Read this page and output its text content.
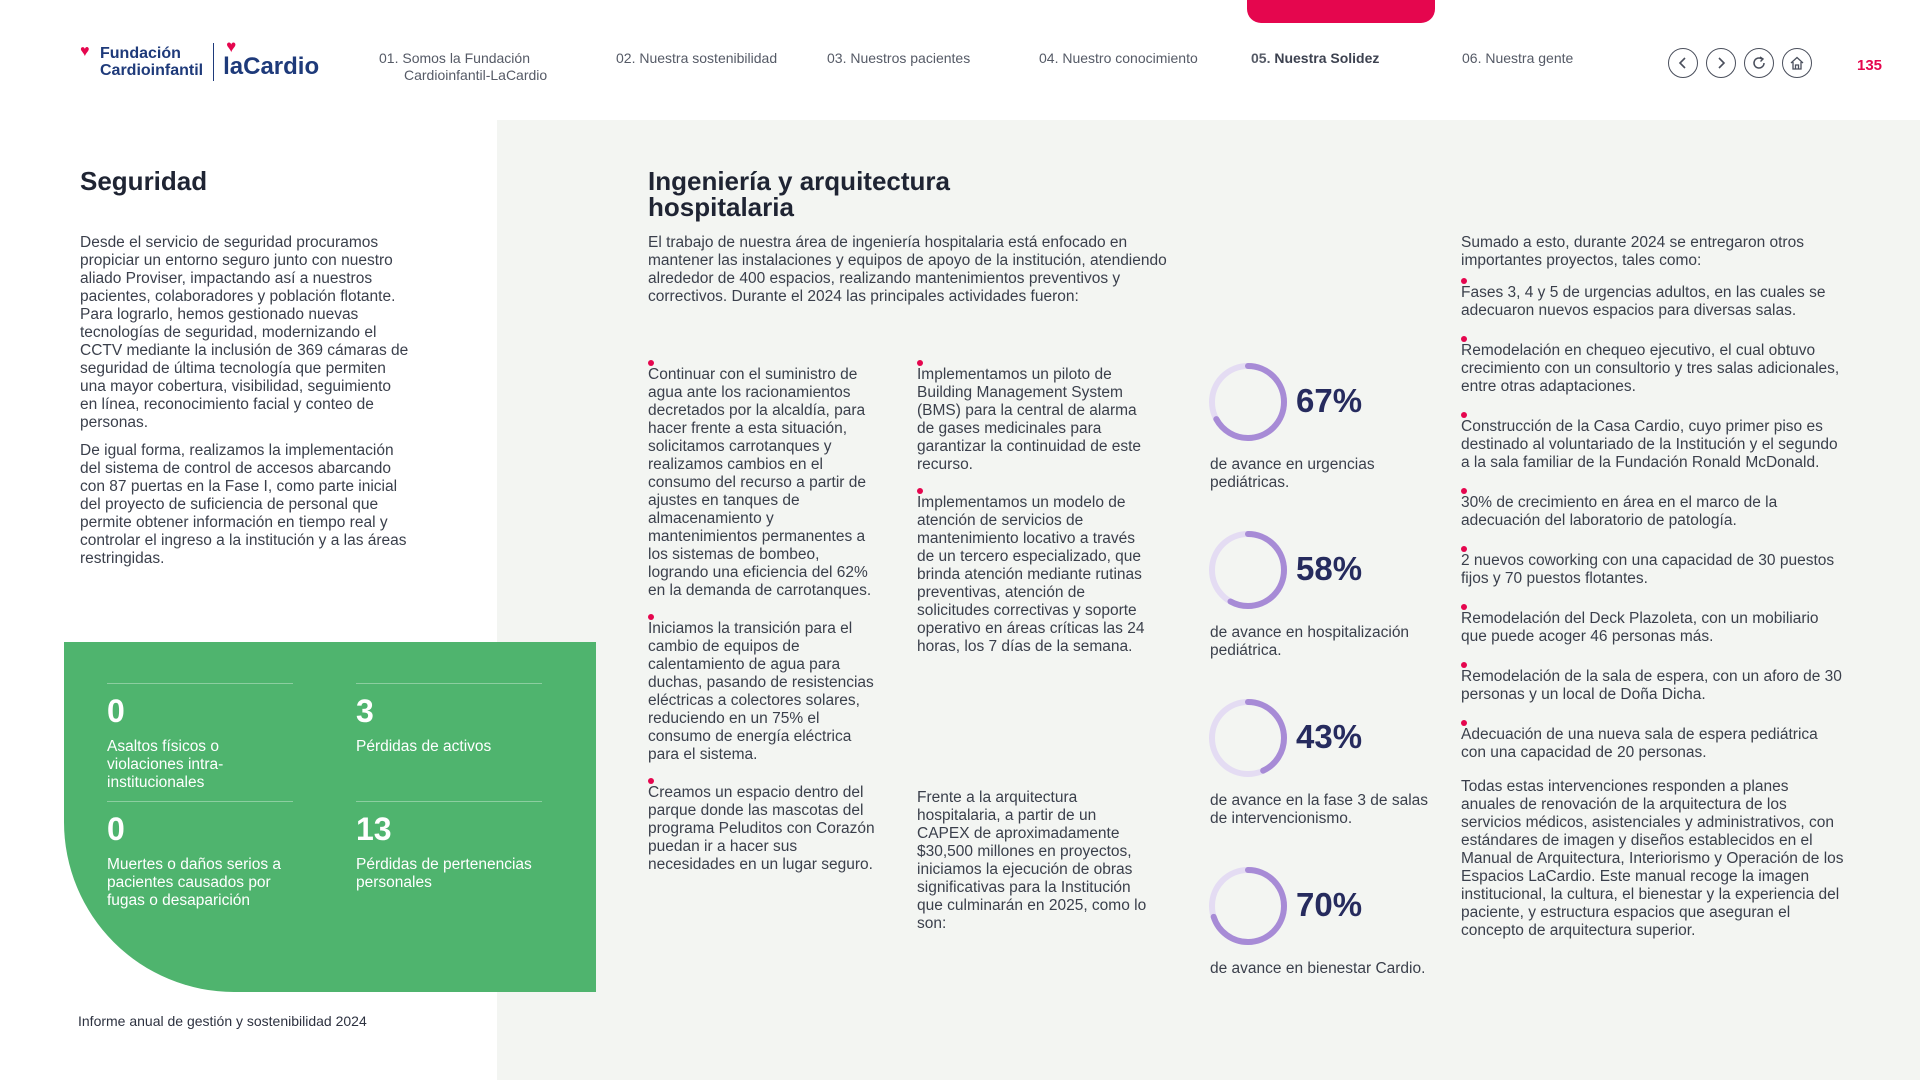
♥ Fundación
Cardioinfantil
♥
laCardio	01. Somos la Fundación
Cardioinfantil-LaCardio
02. Nuestra sostenibilidad	03. Nuestros pacientes	04. Nuestro conocimiento	05. Nuestra Solidez	06. Nuestra gente	135
Seguridad

Desde el servicio de seguridad procuramos propiciar un entorno seguro junto con nuestro aliado Proviser, impactando así a nuestros pacientes, colaboradores y población flotante. Para lograrlo, hemos gestionado nuevas tecnologías de seguridad, modernizando el CCTV mediante la inclusión de 369 cámaras de seguridad de última tecnología que permiten una mayor cobertura, visibilidad, seguimiento en línea, reconocimiento facial y conteo de personas.

De igual forma, realizamos la implementación del sistema de control de accesos abarcando con 87 puertas en la Fase I, como parte inicial del proyecto de suficiencia de personal que permite obtener información en tiempo real y controlar el ingreso a la institución y a las áreas restringidas.

0
Asaltos físicos o violaciones intra-institucionales
3
Pérdidas de activos
0
Muertes o daños serios a pacientes causados por fugas o desaparición
13
Pérdidas de pertenencias personales
Informe anual de gestión y sostenibilidad 2024
Ingeniería y arquitectura hospitalaria
El trabajo de nuestra área de ingeniería hospitalaria está enfocado en mantener las instalaciones y equipos de apoyo de la institución, atendiendo alrededor de 400 espacios, realizando mantenimientos preventivos y correctivos. Durante el 2024 las principales actividades fueron:
Continuar con el suministro de agua ante los racionamientos decretados por la alcaldía, para hacer frente a esta situación, solicitamos carrotanques y realizamos cambios en el consumo del recurso a partir de ajustes en tanques de almacenamiento y mantenimientos permanentes a los sistemas de bombeo, logrando una eficiencia del 62% en la demanda de carrotanques.
Iniciamos la transición para el cambio de equipos de calentamiento de agua para duchas, pasando de resistencias eléctricas a colectores solares, reduciendo en un 75% el consumo de energía eléctrica para el sistema.
Creamos un espacio dentro del parque donde las mascotas del programa Peluditos con Corazón puedan ir a hacer sus necesidades en un lugar seguro.
Implementamos un piloto de Building Management System (BMS) para la central de alarma de gases medicinales para garantizar la continuidad de este recurso.
Implementamos un modelo de atención de servicios de mantenimiento locativo a través de un tercero especializado, que brinda atención mediante rutinas preventivas, atención de solicitudes correctivas y soporte operativo en áreas críticas las 24 horas, los 7 días de la semana.
Frente a la arquitectura hospitalaria, a partir de un CAPEX de aproximadamente $30,500 millones en proyectos, iniciamos la ejecución de obras significativas para la Institución que culminarán en 2025, como lo son:
67%
de avance en urgencias pediátricas.
58%
de avance en hospitalización pediátrica.
43%
de avance en la fase 3 de salas de intervencionismo.
70%
de avance en bienestar Cardio.
Sumado a esto, durante 2024 se entregaron otros importantes proyectos, tales como:
Fases 3, 4 y 5 de urgencias adultos, en las cuales se adecuaron nuevos espacios para diversas salas.
Remodelación en chequeo ejecutivo, el cual obtuvo crecimiento con un consultorio y tres salas adicionales, entre otras adaptaciones.
Construcción de la Casa Cardio, cuyo primer piso es destinado al voluntariado de la Institución y el segundo a la sala familiar de la Fundación Ronald McDonald.
30% de crecimiento en área en el marco de la adecuación del laboratorio de patología.
2 nuevos coworking con una capacidad de 30 puestos fijos y 70 puestos flotantes.
Remodelación del Deck Plazoleta, con un mobiliario que puede acoger 46 personas más.
Remodelación de la sala de espera, con un aforo de 30 personas y un local de Doña Dicha.
Adecuación de una nueva sala de espera pediátrica con una capacidad de 20 personas.
Todas estas intervenciones responden a planes anuales de renovación de la arquitectura de los servicios médicos, asistenciales y administrativos, con estándares de imagen y diseños establecidos en el Manual de Arquitectura, Interiorismo y Operación de los Espacios LaCardio. Este manual recoge la imagen institucional, la cultura, el bienestar y la experiencia del paciente, y estructura espacios que aseguran el concepto de arquitectura superior.
